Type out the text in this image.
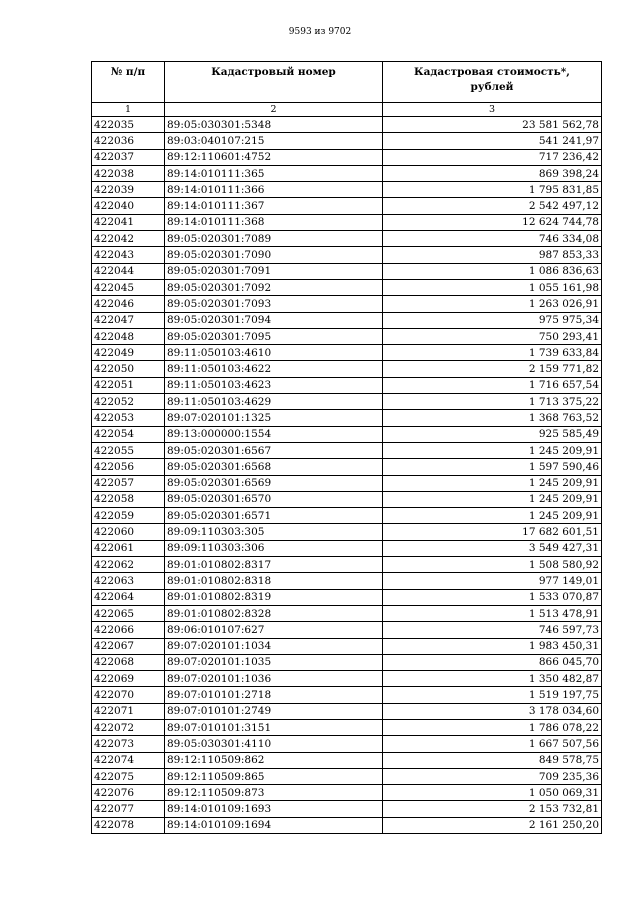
9593 из 9702
№ п/п	Кадастровый номер	Кадастровая стоимость*,
рублей
1	2	3
422035	89:05:030301:5348	23 581 562,78
422036	89:03:040107:215	541 241,97
422037	89:12:110601:4752	717 236,42
422038	89:14:010111:365	869 398,24
422039	89:14:010111:366	1 795 831,85
422040	89:14:010111:367	2 542 497,12
422041	89:14:010111:368	12 624 744,78
422042	89:05:020301:7089	746 334,08
422043	89:05:020301:7090	987 853,33
422044	89:05:020301:7091	1 086 836,63
422045	89:05:020301:7092	1 055 161,98
422046	89:05:020301:7093	1 263 026,91
422047	89:05:020301:7094	975 975,34
422048	89:05:020301:7095	750 293,41
422049	89:11:050103:4610	1 739 633,84
422050	89:11:050103:4622	2 159 771,82
422051	89:11:050103:4623	1 716 657,54
422052	89:11:050103:4629	1 713 375,22
422053	89:07:020101:1325	1 368 763,52
422054	89:13:000000:1554	925 585,49
422055	89:05:020301:6567	1 245 209,91
422056	89:05:020301:6568	1 597 590,46
422057	89:05:020301:6569	1 245 209,91
422058	89:05:020301:6570	1 245 209,91
422059	89:05:020301:6571	1 245 209,91
422060	89:09:110303:305	17 682 601,51
422061	89:09:110303:306	3 549 427,31
422062	89:01:010802:8317	1 508 580,92
422063	89:01:010802:8318	977 149,01
422064	89:01:010802:8319	1 533 070,87
422065	89:01:010802:8328	1 513 478,91
422066	89:06:010107:627	746 597,73
422067	89:07:020101:1034	1 983 450,31
422068	89:07:020101:1035	866 045,70
422069	89:07:020101:1036	1 350 482,87
422070	89:07:010101:2718	1 519 197,75
422071	89:07:010101:2749	3 178 034,60
422072	89:07:010101:3151	1 786 078,22
422073	89:05:030301:4110	1 667 507,56
422074	89:12:110509:862	849 578,75
422075	89:12:110509:865	709 235,36
422076	89:12:110509:873	1 050 069,31
422077	89:14:010109:1693	2 153 732,81
422078	89:14:010109:1694	2 161 250,20
